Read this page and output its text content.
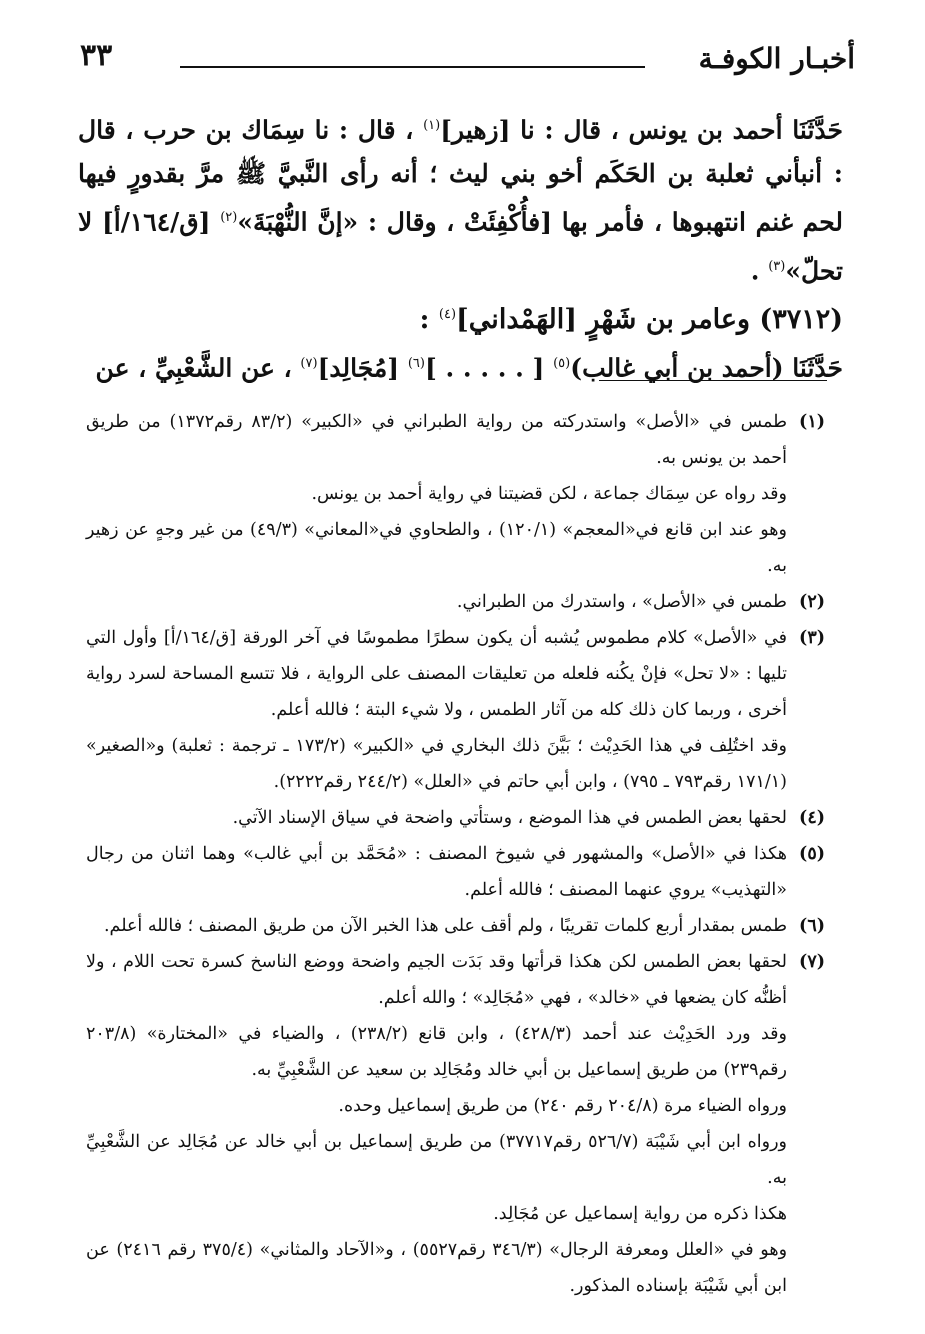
أخبـار الكوفـة
٣٣

حَدَّثَنَا أحمد بن يونس ، قال : نا [زهير]$^{(١)}$ ، قال : نا سِمَاك بن حرب ، قال : أنبأني ثعلبة بن الحَكَم أخو بني ليث ؛ أنه رأى النَّبيَّ ﷺ مرَّ بقدورٍ فيها لحم غنم انتهبوها ، فأمر بها [فأُكْفِئَتْ ، وقال : «إنَّ النُّهْبَةَ»$^{(٢)}$ [ق/١٦٤/أ] لا تحلّ»$^{(٣)}$ .

(٣٧١٢) وعامر بن شَهْرٍ [الهَمْداني]$^{(٤)}$ :

حَدَّثَنَا (أحمد بن أبي غالب)$^{(٥)}$ [ . . . . . ]$^{(٦)}$ [مُجَالِد]$^{(٧)}$ ، عن الشَّعْبِيِّ ، عن

(١)
طمس في «الأصل» واستدركته من رواية الطبراني في «الكبير» (٨٣/٢ رقم١٣٧٢) من طريق أحمد بن يونس به.

وقد رواه عن سِمَاك جماعة ، لكن قضيتنا في رواية أحمد بن يونس.

وهو عند ابن قانع في«المعجم» (١٢٠/١) ، والطحاوي في«المعاني» (٤٩/٣) من غير وجهٍ عن زهير به.

(٢)
طمس في «الأصل» ، واستدرك من الطبراني.

(٣)
في «الأصل» كلام مطموس يُشبه أن يكون سطرًا مطموسًا في آخر الورقة [ق/١٦٤/أ] وأول التي تليها : «لا تحل» فإنْ يكُنه فلعله من تعليقات المصنف على الرواية ، فلا تتسع المساحة لسرد رواية أخرى ، وربما كان ذلك كله من آثار الطمس ، ولا شيء البتة ؛ فالله أعلم.

وقد اختُلِف في هذا الحَدِيْث ؛ بَيَّنَ ذلك البخاري في «الكبير» (١٧٣/٢ ـ ترجمة : ثعلبة) و«الصغير» (١٧١/١ رقم٧٩٣ ـ ٧٩٥) ، وابن أبي حاتم في «العلل» (٢٤٤/٢ رقم٢٢٢٢).

(٤)
لحقها بعض الطمس في هذا الموضع ، وستأتي واضحة في سياق الإسناد الآتي.

(٥)
هكذا في «الأصل» والمشهور في شيوخ المصنف : «مُحَمَّد بن أبي غالب» وهما اثنان من رجال «التهذيب» يروي عنهما المصنف ؛ فالله أعلم.

(٦)
طمس بمقدار أربع كلمات تقريبًا ، ولم أقف على هذا الخبر الآن من طريق المصنف ؛ فالله أعلم.

(٧)
لحقها بعض الطمس لكن هكذا قرأتها وقد بَدَت الجيم واضحة ووضع الناسخ كسرة تحت اللام ، ولا أظنُّه كان يضعها في «خالد» ، فهي «مُجَالِد» ؛ والله أعلم.

وقد ورد الحَدِيْث عند أحمد (٤٢٨/٣) ، وابن قانع (٢٣٨/٢) ، والضياء في «المختارة» (٢٠٣/٨ رقم٢٣٩) من طريق إسماعيل بن أبي خالد ومُجَالِد بن سعيد عن الشَّعْبِيِّ به.

ورواه الضياء مرة (٢٠٤/٨ رقم ٢٤٠) من طريق إسماعيل وحده.

ورواه ابن أبي شَيْبَة (٥٢٦/٧ رقم٣٧٧١٧) من طريق إسماعيل بن أبي خالد عن مُجَالِد عن الشَّعْبِيِّ به.

هكذا ذكره من رواية إسماعيل عن مُجَالِد.

وهو في «العلل ومعرفة الرجال» (٣٤٦/٣ رقم٥٥٢٧) ، و«الآحاد والمثاني» (٣٧٥/٤ رقم ٢٤١٦) عن ابن أبي شَيْبَة بإسناده المذكور.
